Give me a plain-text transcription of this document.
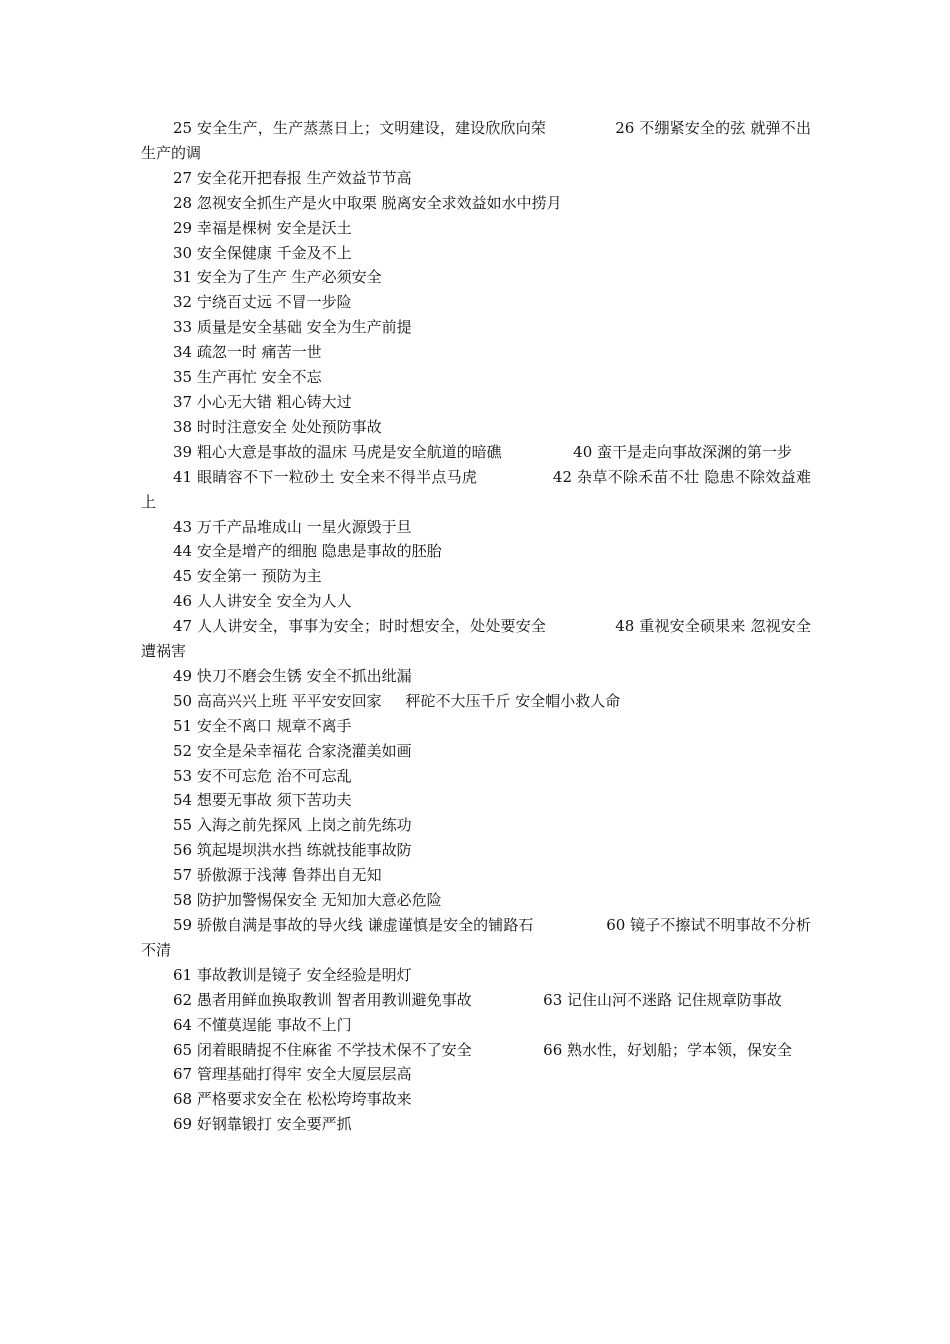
25 安全生产，生产蒸蒸日上；文明建设，建设欣欣向荣              26 不绷紧安全的弦 就弹不出生产的调

27 安全花开把春报 生产效益节节高

28 忽视安全抓生产是火中取栗 脱离安全求效益如水中捞月

29 幸福是棵树 安全是沃土

30 安全保健康 千金及不上

31 安全为了生产 生产必须安全

32 宁绕百丈远 不冒一步险

33 质量是安全基础 安全为生产前提

34 疏忽一时 痛苦一世

35 生产再忙 安全不忘

37 小心无大错 粗心铸大过

38 时时注意安全 处处预防事故

39 粗心大意是事故的温床 马虎是安全航道的暗礁               40 蛮干是走向事故深渊的第一步

41 眼睛容不下一粒砂土 安全来不得半点马虎               42 杂草不除禾苗不壮 隐患不除效益难上

43 万千产品堆成山 一星火源毁于旦

44 安全是增产的细胞 隐患是事故的胚胎

45 安全第一 预防为主

46 人人讲安全 安全为人人

47 人人讲安全，事事为安全；时时想安全，处处要安全              48 重视安全硕果来 忽视安全遭祸害

49 快刀不磨会生锈 安全不抓出纰漏

50 高高兴兴上班 平平安安回家     秤砣不大压千斤 安全帽小救人命

51 安全不离口 规章不离手

52 安全是朵幸福花 合家浇灌美如画

53 安不可忘危 治不可忘乱

54 想要无事故 须下苦功夫

55 入海之前先探风 上岗之前先练功

56 筑起堤坝洪水挡 练就技能事故防

57 骄傲源于浅薄 鲁莽出自无知

58 防护加警惕保安全 无知加大意必危险

59 骄傲自满是事故的导火线 谦虚谨慎是安全的铺路石               60 镜子不擦试不明事故不分析不清

61 事故教训是镜子 安全经验是明灯

62 愚者用鲜血换取教训 智者用教训避免事故               63 记住山河不迷路 记住规章防事故

64 不懂莫逞能 事故不上门

65 闭着眼睛捉不住麻雀 不学技术保不了安全               66 熟水性，好划船；学本领，保安全

67 管理基础打得牢 安全大厦层层高

68 严格要求安全在 松松垮垮事故来

69 好钢靠锻打 安全要严抓
